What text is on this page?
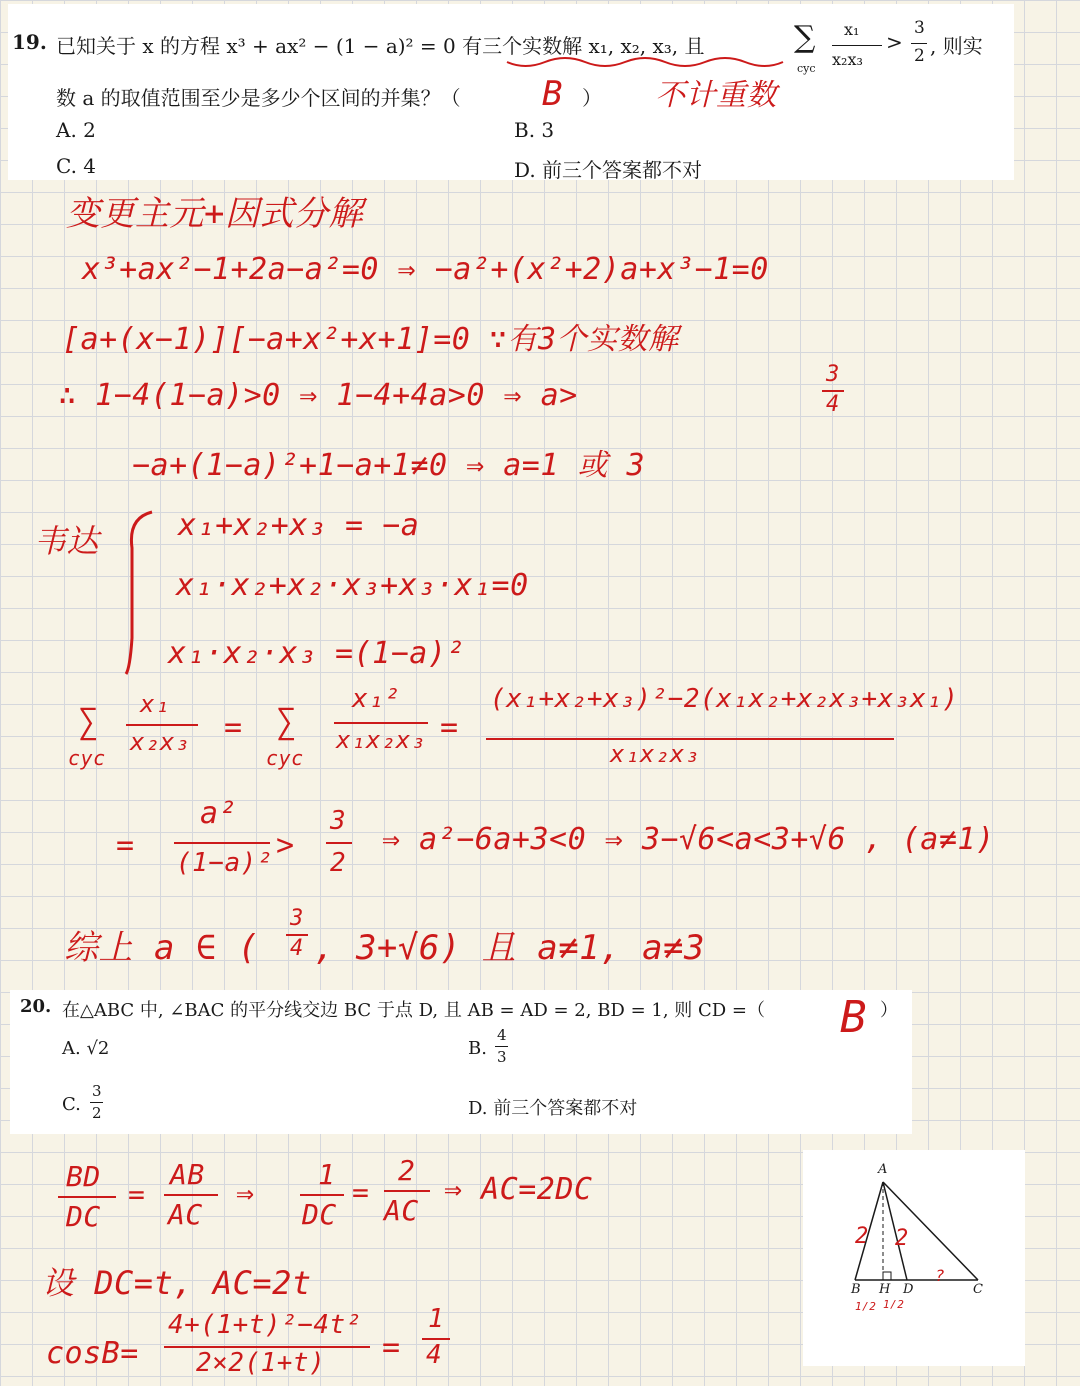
19. 已知关于 x 的方程 x³ + ax² − (1 − a)² = 0 有三个实数解 x₁, x₂, x₃, 且	∑
cyc
x₁
x₂x₃
>
3
2 , 则实
数 a 的取值范围至少是多少个区间的并集？（	）
A. 2	B. 3
C. 4	D. 前三个答案都不对
B	不计重数
变更主元+因式分解
x³+ax²−1+2a−a²=0 ⇒ −a²+(x²+2)a+x³−1=0
[a+(x−1)][−a+x²+x+1]=0 ∵有3个实数解
∴ 1−4(1−a)>0 ⇒ 1−4+4a>0 ⇒ a>
3
4
−a+(1−a)²+1−a+1≠0 ⇒ a=1 或 3
韦达	x₁+x₂+x₃ = −a
x₁·x₂+x₂·x₃+x₃·x₁=0
x₁·x₂·x₃ =(1−a)²
∑
cyc
x₁
x₂x₃ = ∑
cyc
x₁²
x₁x₂x₃ =
(x₁+x₂+x₃)²−2(x₁x₂+x₂x₃+x₃x₁)
x₁x₂x₃
=
a²
(1−a)² >
3
2
⇒ a²−6a+3<0 ⇒ 3−√6<a<3+√6 , (a≠1)
综上 a ∈ (
3
4 , 3+√6) 且 a≠1, a≠3
20. 在△ABC 中, ∠BAC 的平分线交边 BC 于点 D, 且 AB = AD = 2, BD = 1, 则 CD =（	）
A. √2	B.
4
3
C.
3
2	D. 前三个答案都不对
B
BD
DC
=
AB
AC
⇒
1
DC
=
2
AC
⇒ AC=2DC
设 DC=t, AC=2t
cosB=
4+(1+t)²−4t²
2×2(1+t) =
1
4
A
B H D	C
2 2
1/2 1/2
?
